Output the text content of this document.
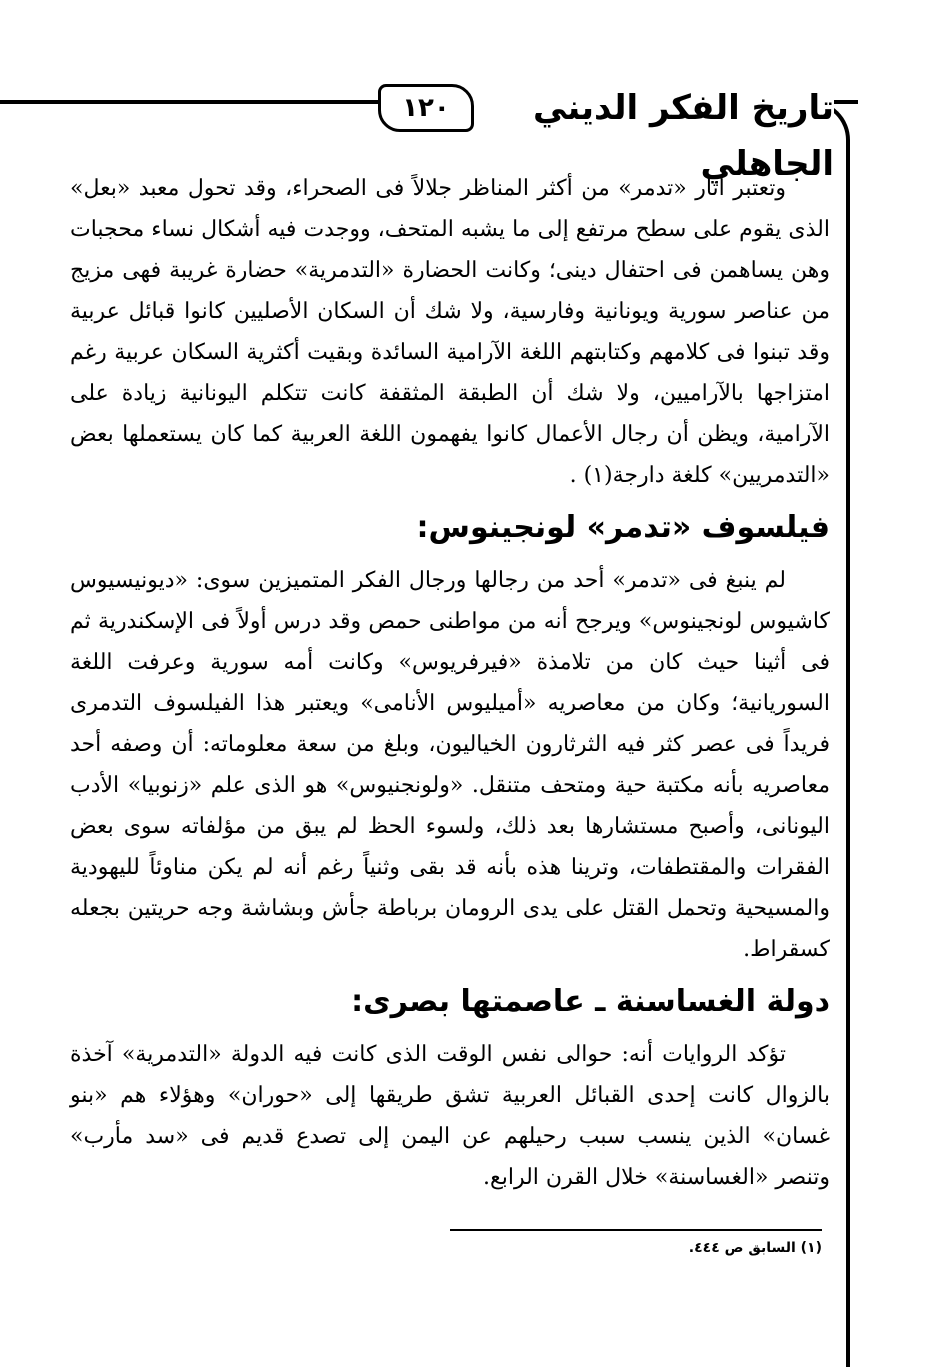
تاريخ الفكر الديني الجاهلي
١٢٠

وتعتبر آثار «تدمر» من أكثر المناظر جلالاً فى الصحراء، وقد تحول معبد «بعل» الذى يقوم على سطح مرتفع إلى ما يشبه المتحف، ووجدت فيه أشكال نساء محجبات وهن يساهمن فى احتفال دينى؛ وكانت الحضارة «التدمرية» حضارة غريبة فهى مزيج من عناصر سورية ويونانية وفارسية، ولا شك أن السكان الأصليين كانوا قبائل عربية وقد تبنوا فى كلامهم وكتابتهم اللغة الآرامية السائدة وبقيت أكثرية السكان عربية رغم امتزاجها بالآراميين، ولا شك أن الطبقة المثقفة كانت تتكلم اليونانية زيادة على الآرامية، ويظن أن رجال الأعمال كانوا يفهمون اللغة العربية كما كان يستعملها بعض «التدمريين» كلغة دارجة(١) .

فيلسوف «تدمر» لونجينوس:

لم ينبغ فى «تدمر» أحد من رجالها ورجال الفكر المتميزين سوى: «ديونيسيوس كاشيوس لونجينوس» ويرجح أنه من مواطنى حمص وقد درس أولاً فى الإسكندرية ثم فى أثينا حيث كان من تلامذة «فيرفريوس» وكانت أمه سورية وعرفت اللغة السوريانية؛ وكان من معاصريه «أميليوس الأنامى» ويعتبر هذا الفيلسوف التدمرى فريداً فى عصر كثر فيه الثرثارون الخياليون، وبلغ من سعة معلوماته: أن وصفه أحد معاصريه بأنه مكتبة حية ومتحف متنقل. «ولونجنيوس» هو الذى علم «زنوبيا» الأدب اليونانى، وأصبح مستشارها بعد ذلك، ولسوء الحظ لم يبق من مؤلفاته سوى بعض الفقرات والمقتطفات، وترينا هذه بأنه قد بقى وثنياً رغم أنه لم يكن مناوئاً لليهودية والمسيحية وتحمل القتل على يدى الرومان برباطة جأش وبشاشة وجه حريتين بجعله كسقراط.

دولة الغساسنة ـ عاصمتها بصرى:

تؤكد الروايات أنه: حوالى نفس الوقت الذى كانت فيه الدولة «التدمرية» آخذة بالزوال كانت إحدى القبائل العربية تشق طريقها إلى «حوران» وهؤلاء هم «بنو غسان» الذين ينسب سبب رحيلهم عن اليمن إلى تصدع قديم فى «سد مأرب» وتنصر «الغساسنة» خلال القرن الرابع.

(١) السابق ص ٤٤٤.
